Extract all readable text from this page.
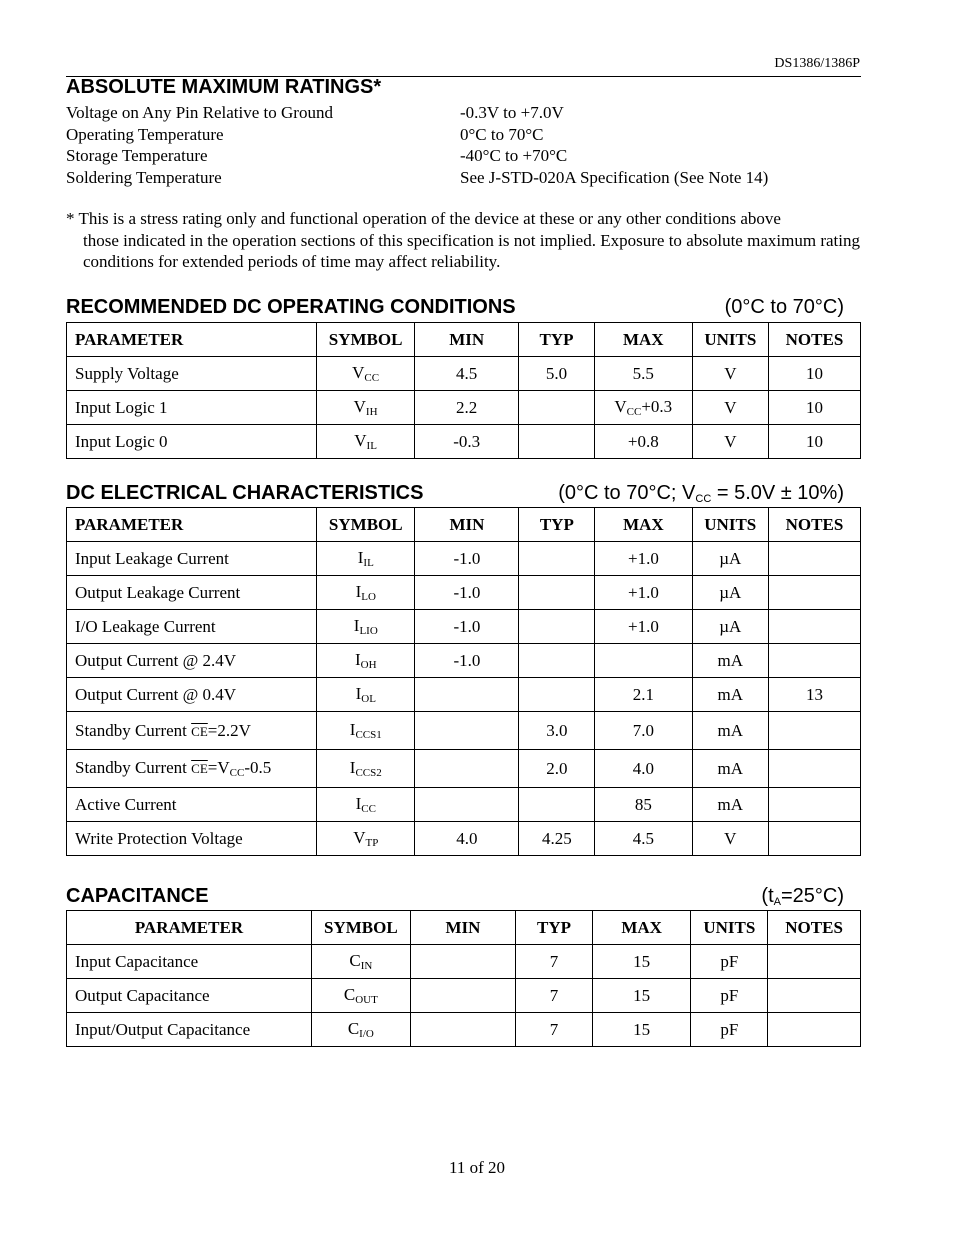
DS1386/1386P
ABSOLUTE MAXIMUM RATINGS*
Voltage on Any Pin Relative to Ground	-0.3V to +7.0V
Operating Temperature	0°C to 70°C
Storage Temperature	-40°C to +70°C
Soldering Temperature	See J-STD-020A Specification (See Note 14)
* This is a stress rating only and functional operation of the device at these or any other conditions above
those indicated in the operation sections of this specification is not implied. Exposure to absolute maximum rating conditions for extended periods of time may affect reliability.
RECOMMENDED DC OPERATING CONDITIONS	(0°C to 70°C)
PARAMETER	SYMBOL	MIN	TYP	MAX	UNITS	NOTES
Supply Voltage	$V_{CC}$	4.5	5.0	5.5	V	10
Input Logic 1	$V_{IH}$	2.2		$V_{CC}+0.3$	V	10
Input Logic 0	$V_{IL}$	-0.3		+0.8	V	10
DC ELECTRICAL CHARACTERISTICS	(0°C to 70°C; $V_{CC} = 5.0V \pm 10\%$)
PARAMETER	SYMBOL	MIN	TYP	MAX	UNITS	NOTES
Input Leakage Current	$I_{IL}$	-1.0		+1.0	µA	
Output Leakage Current	$I_{LO}$	-1.0		+1.0	µA	
I/O Leakage Current	$I_{LIO}$	-1.0		+1.0	µA	
Output Current @ 2.4V	$I_{OH}$	-1.0			mA	
Output Current @ 0.4V	$I_{OL}$			2.1	mA	13
Standby Current $\overline{CE}=2.2V$	$I_{CCS1}$		3.0	7.0	mA	
Standby Current $\overline{CE}=V_{CC}-0.5$	$I_{CCS2}$		2.0	4.0	mA	
Active Current	$I_{CC}$			85	mA	
Write Protection Voltage	$V_{TP}$	4.0	4.25	4.5	V	
CAPACITANCE	$(t_A=25^\circ C)$
PARAMETER	SYMBOL	MIN	TYP	MAX	UNITS	NOTES
Input Capacitance	$C_{IN}$		7	15	pF	
Output Capacitance	$C_{OUT}$		7	15	pF	
Input/Output Capacitance	$C_{I/O}$		7	15	pF	
11 of 20
